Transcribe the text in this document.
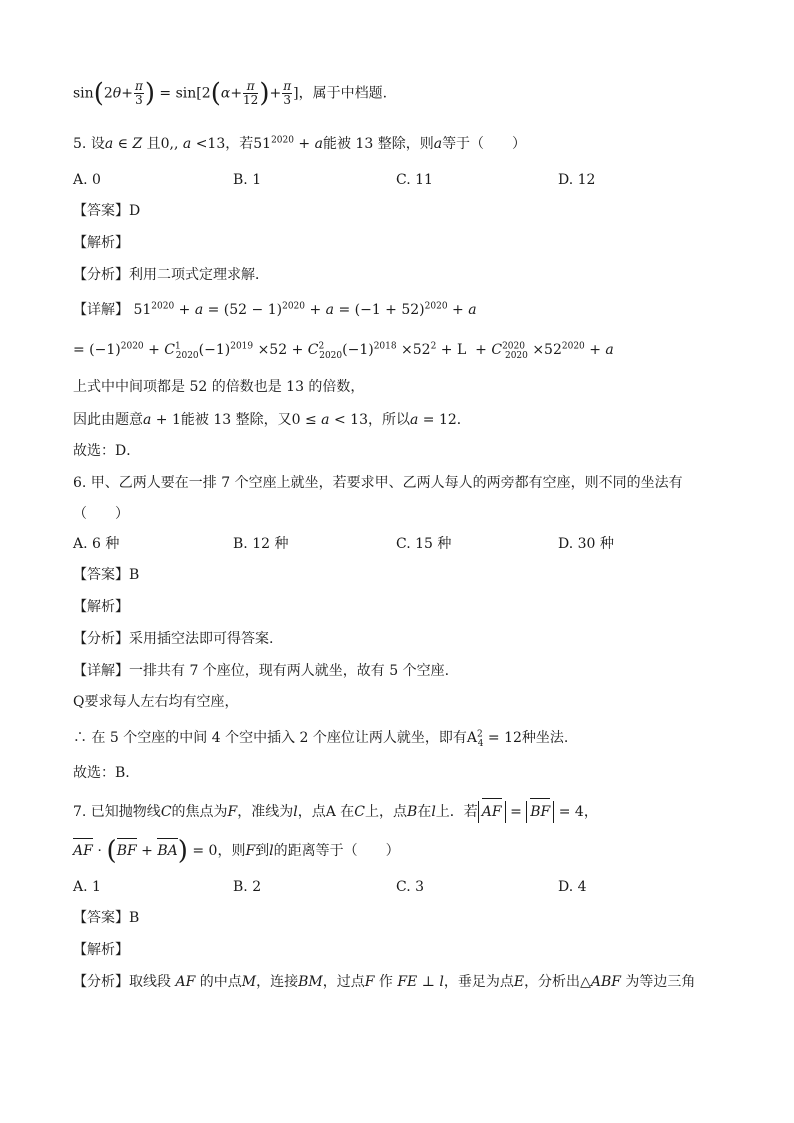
$\sin(2\theta+ \frac{\pi}{3}$ ) = $\sin[2(\alpha+ \frac{\pi}{12}$ )+ $\frac{\pi}{3}$ ]，属于中档题.
5. 设a ∈ Z 且0,, a <13，若$51^{2020} + a$能被 13 整除，则a等于（　　）
A. 0	B. 1	C. 11	D. 12
【答案】D
【解析】
【分析】利用二项式定理求解．
【详解】 $51^{2020} + a = (52 - 1)^{2020} + a = (-1 + 52)^{2020} + a$
= $(-1)^{2020} + C^1_{2020}(-1)^{2019} \times 52 + C^2_{2020}(-1)^{2018} \times 52^2 + L + C^{2020}_{2020} \times 52^{2020} + a$
上式中中间项都是 52 的倍数也是 13 的倍数，
因此由题意a + 1能被 13 整除，又0 ≤ a < 13，所以a = 12．
故选：D．
6. 甲、乙两人要在一排 7 个空座上就坐，若要求甲、乙两人每人的两旁都有空座，则不同的坐法有
（　　）
A. 6 种	B. 12 种	C. 15 种	D. 30 种
【答案】B
【解析】
【分析】采用插空法即可得答案.
【详解】一排共有 7 个座位，现有两人就坐，故有 5 个空座.
Q要求每人左右均有空座，
∴ 在 5 个空座的中间 4 个空中插入 2 个座位让两人就坐，即有$A^2_4 = 12$种坐法.
故选：B.
7. 已知抛物线C的焦点为F，准线为l，点A 在C上，点B在l上．若 AF = BF = 4，
AF ⋅ (BF + BA) = 0，则F到l的距离等于（　　）
A. 1	B. 2	C. 3	D. 4
【答案】B
【解析】
【分析】取线段 AF 的中点M，连接BM，过点F 作 FE ⊥ l，垂足为点E，分析出△ABF 为等边三角
